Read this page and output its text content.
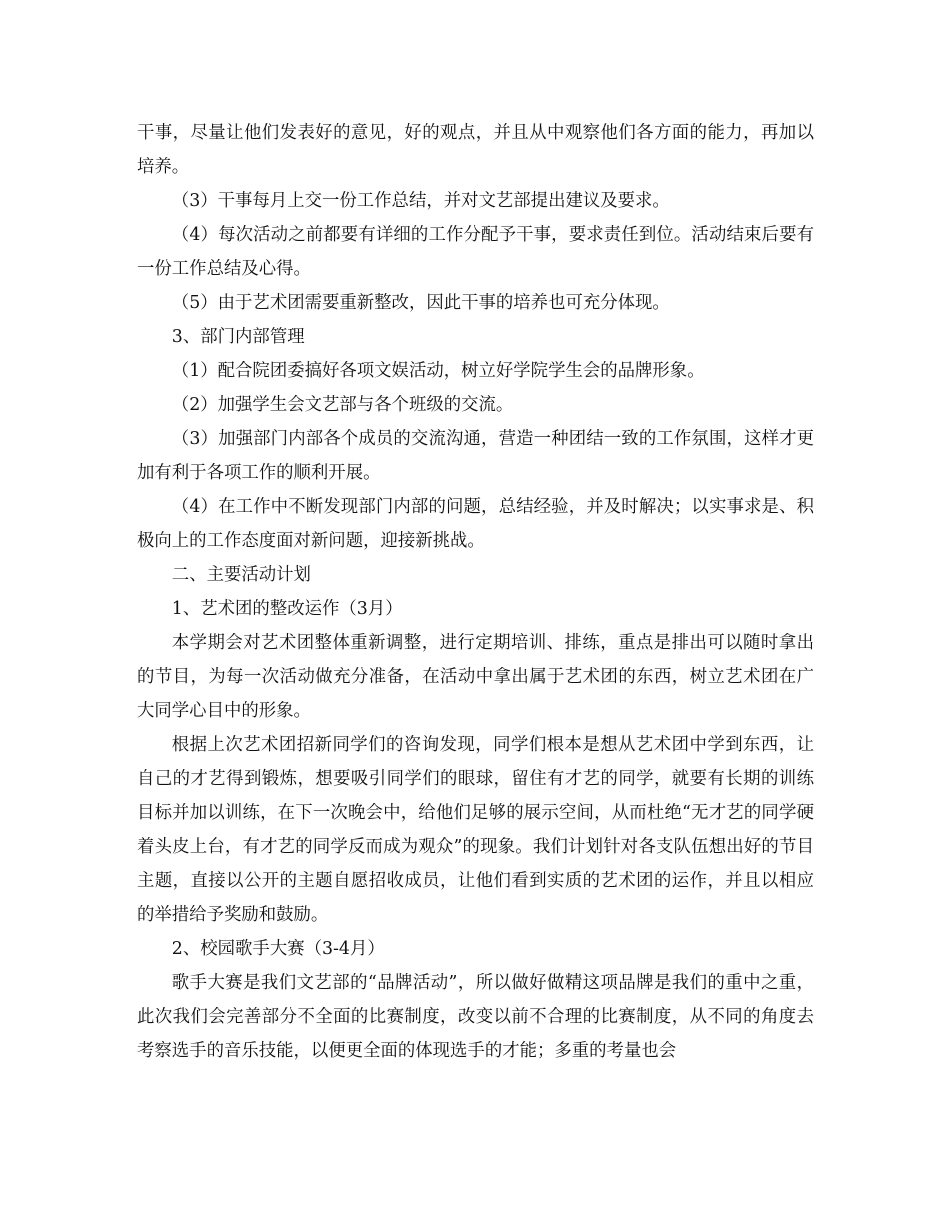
干事，尽量让他们发表好的意见，好的观点，并且从中观察他们各方面的能力，再加以培养。

（3）干事每月上交一份工作总结，并对文艺部提出建议及要求。

（4）每次活动之前都要有详细的工作分配予干事，要求责任到位。活动结束后要有一份工作总结及心得。

（5）由于艺术团需要重新整改，因此干事的培养也可充分体现。

3、部门内部管理

（1）配合院团委搞好各项文娱活动，树立好学院学生会的品牌形象。

（2）加强学生会文艺部与各个班级的交流。

（3）加强部门内部各个成员的交流沟通，营造一种团结一致的工作氛围，这样才更加有利于各项工作的顺利开展。

（4）在工作中不断发现部门内部的问题，总结经验，并及时解决；以实事求是、积极向上的工作态度面对新问题，迎接新挑战。

二、主要活动计划

1、艺术团的整改运作（3月）

本学期会对艺术团整体重新调整，进行定期培训、排练，重点是排出可以随时拿出的节目，为每一次活动做充分准备，在活动中拿出属于艺术团的东西，树立艺术团在广大同学心目中的形象。

根据上次艺术团招新同学们的咨询发现，同学们根本是想从艺术团中学到东西，让自己的才艺得到锻炼，想要吸引同学们的眼球，留住有才艺的同学，就要有长期的训练目标并加以训练，在下一次晚会中，给他们足够的展示空间，从而杜绝“无才艺的同学硬着头皮上台，有才艺的同学反而成为观众”的现象。我们计划针对各支队伍想出好的节目主题，直接以公开的主题自愿招收成员，让他们看到实质的艺术团的运作，并且以相应的举措给予奖励和鼓励。

2、校园歌手大赛（3-4月）

歌手大赛是我们文艺部的“品牌活动”，所以做好做精这项品牌是我们的重中之重，此次我们会完善部分不全面的比赛制度，改变以前不合理的比赛制度，从不同的角度去考察选手的音乐技能，以便更全面的体现选手的才能；多重的考量也会
